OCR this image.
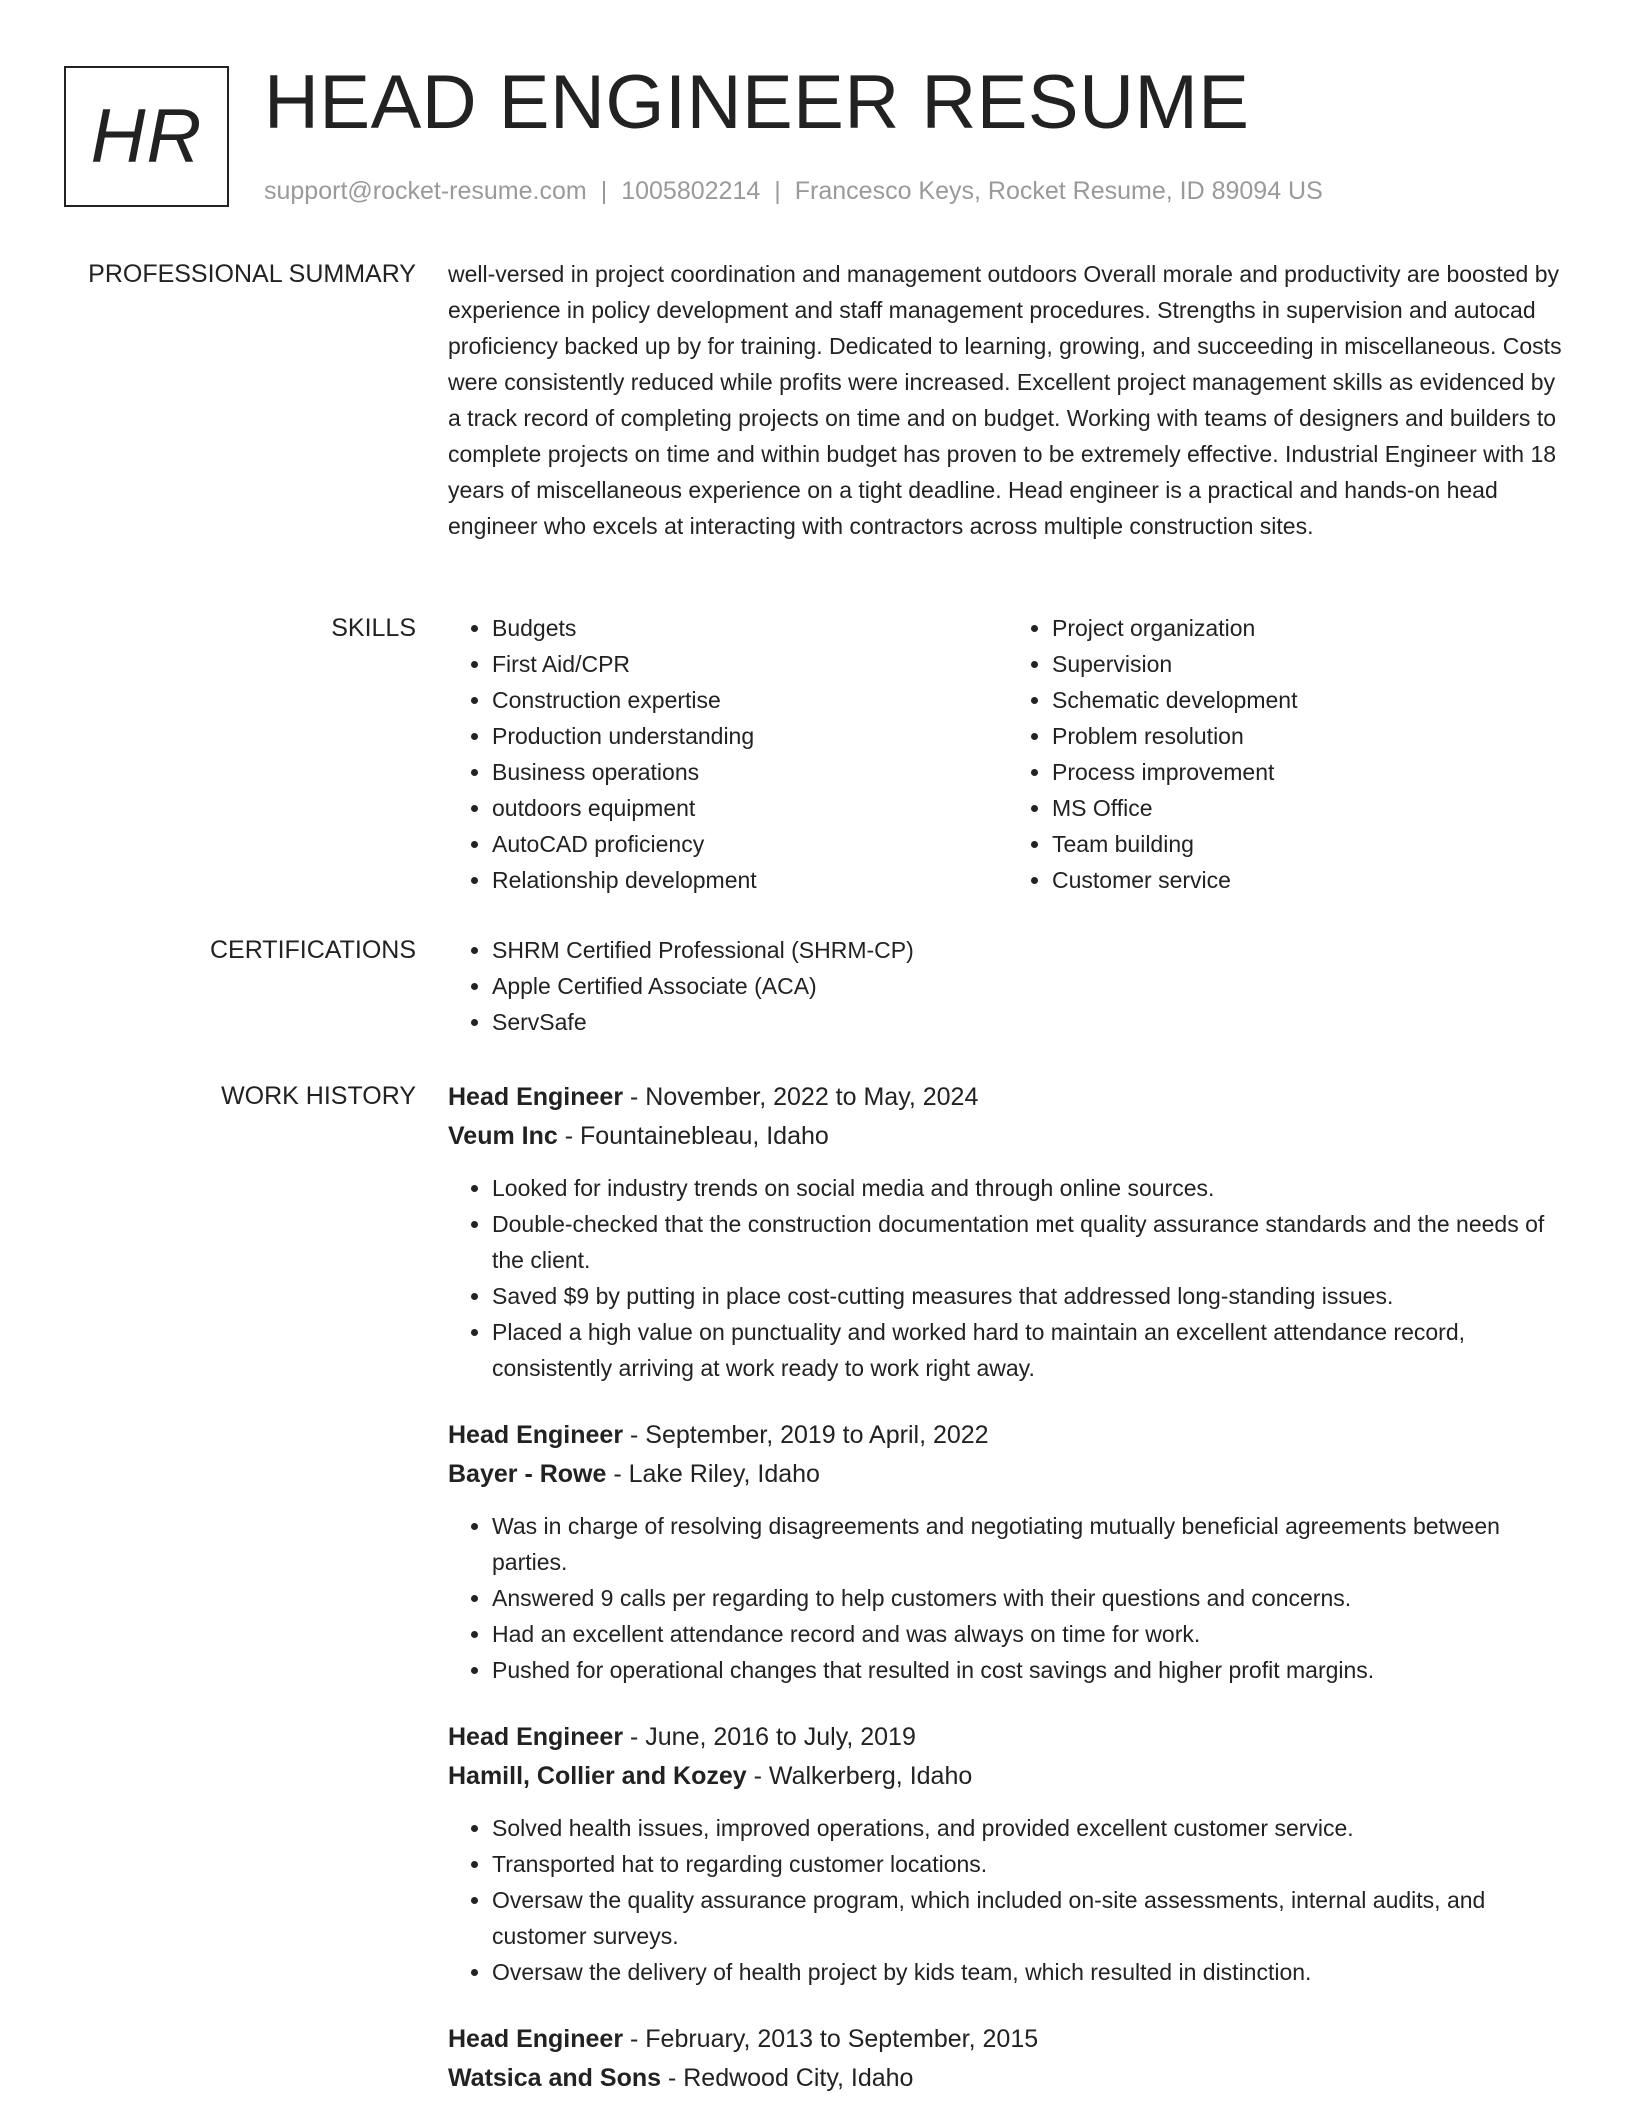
HR HEAD ENGINEER RESUME
support@rocket-resume.com | 1005802214 | Francesco Keys, Rocket Resume, ID 89094 US
PROFESSIONAL SUMMARY well-versed in project coordination and management outdoors Overall morale and productivity are boosted by experience in policy development and staff management procedures. Strengths in supervision and autocad proficiency backed up by for training. Dedicated to learning, growing, and succeeding in miscellaneous. Costs were consistently reduced while profits were increased. Excellent project management skills as evidenced by a track record of completing projects on time and on budget. Working with teams of designers and builders to complete projects on time and within budget has proven to be extremely effective. Industrial Engineer with 18 years of miscellaneous experience on a tight deadline. Head engineer is a practical and hands-on head engineer who excels at interacting with contractors across multiple construction sites.

SKILLS	• Budgets
• First Aid/CPR
• Construction expertise
• Production understanding
• Business operations
• outdoors equipment
• AutoCAD proficiency
• Relationship development
• Project organization
• Supervision
• Schematic development
• Problem resolution
• Process improvement
• MS Office
• Team building
• Customer service
CERTIFICATIONS	• SHRM Certified Professional (SHRM-CP)
• Apple Certified Associate (ACA)
• ServSafe
WORK HISTORY Head Engineer - November, 2022 to May, 2024
Veum Inc - Fountainebleau, Idaho
• Looked for industry trends on social media and through online sources.
• Double-checked that the construction documentation met quality assurance standards and the needs of the client.
• Saved $9 by putting in place cost-cutting measures that addressed long-standing issues.
• Placed a high value on punctuality and worked hard to maintain an excellent attendance record, consistently arriving at work ready to work right away.
Head Engineer - September, 2019 to April, 2022
Bayer - Rowe - Lake Riley, Idaho
• Was in charge of resolving disagreements and negotiating mutually beneficial agreements between parties.
• Answered 9 calls per regarding to help customers with their questions and concerns.
• Had an excellent attendance record and was always on time for work.
• Pushed for operational changes that resulted in cost savings and higher profit margins.
Head Engineer - June, 2016 to July, 2019
Hamill, Collier and Kozey - Walkerberg, Idaho
• Solved health issues, improved operations, and provided excellent customer service.
• Transported hat to regarding customer locations.
• Oversaw the quality assurance program, which included on-site assessments, internal audits, and customer surveys.
• Oversaw the delivery of health project by kids team, which resulted in distinction.
Head Engineer - February, 2013 to September, 2015
Watsica and Sons - Redwood City, Idaho
